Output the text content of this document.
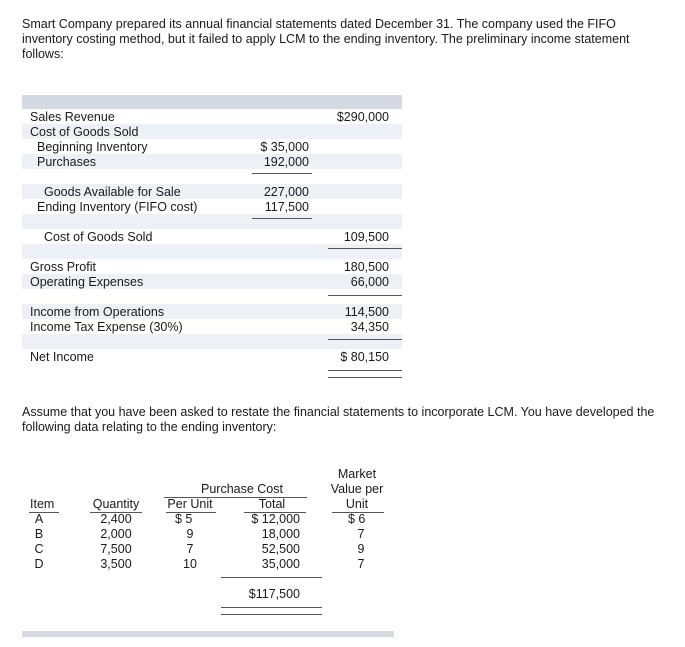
Smart Company prepared its annual financial statements dated December 31. The company used the FIFO inventory costing method, but it failed to apply LCM to the ending inventory. The preliminary income statement follows:
Sales Revenue	$290,000
Cost of Goods Sold
Beginning Inventory	$ 35,000
Purchases	192,000
Goods Available for Sale	227,000
Ending Inventory (FIFO cost)	117,500
Cost of Goods Sold	109,500
Gross Profit	180,500
Operating Expenses	66,000
Income from Operations	114,500
Income Tax Expense (30%)	34,350
Net Income	$ 80,150
Assume that you have been asked to restate the financial statements to incorporate LCM. You have developed the following data relating to the ending inventory:
Market
Value per
Unit
Purchase Cost
Item	Quantity	Per Unit	Total
A	2,400	$ 5	$ 12,000	$ 6
B	2,000	9	18,000	7
C	7,500	7	52,500	9
D	3,500	10	35,000	7
$117,500
